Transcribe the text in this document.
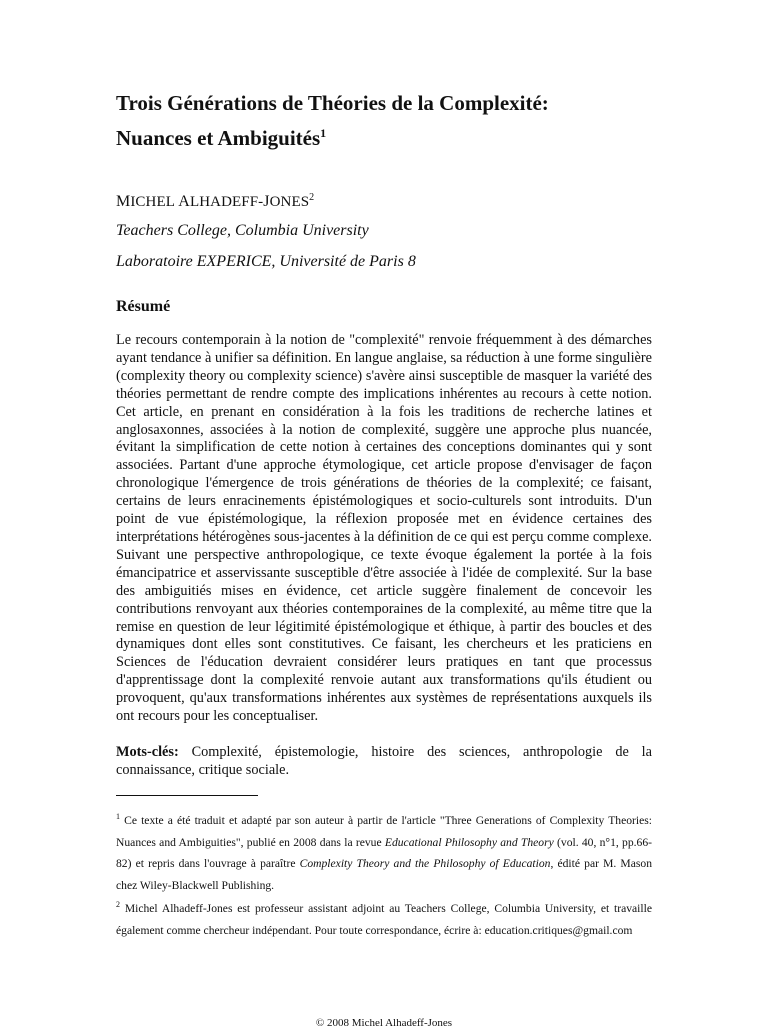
Trois Générations de Théories de la Complexité:
Nuances et Ambiguités$^1$
MICHEL ALHADEFF-JONES$^2$
Teachers College, Columbia University
Laboratoire EXPERICE, Université de Paris 8
Résumé
Le recours contemporain à la notion de "complexité" renvoie fréquemment à des démarches ayant tendance à unifier sa définition. En langue anglaise, sa réduction à une forme singulière (complexity theory ou complexity science) s'avère ainsi susceptible de masquer la variété des théories permettant de rendre compte des implications inhérentes au recours à cette notion. Cet article, en prenant en considération à la fois les traditions de recherche latines et anglosaxonnes, associées à la notion de complexité, suggère une approche plus nuancée, évitant la simplification de cette notion à certaines des conceptions dominantes qui y sont associées. Partant d'une approche étymologique, cet article propose d'envisager de façon chronologique l'émergence de trois générations de théories de la complexité; ce faisant, certains de leurs enracinements épistémologiques et socio-culturels sont introduits. D'un point de vue épistémologique, la réflexion proposée met en évidence certaines des interprétations hétérogènes sous-jacentes à la définition de ce qui est perçu comme complexe. Suivant une perspective anthropologique, ce texte évoque également la portée à la fois émancipatrice et asservissante susceptible d'être associée à l'idée de complexité. Sur la base des ambiguitiés mises en évidence, cet article suggère finalement de concevoir les contributions renvoyant aux théories contemporaines de la complexité, au même titre que la remise en question de leur légitimité épistémologique et éthique, à partir des boucles et des dynamiques dont elles sont constitutives. Ce faisant, les chercheurs et les praticiens en Sciences de l'éducation devraient considérer leurs pratiques en tant que processus d'apprentissage dont la complexité renvoie autant aux transformations qu'ils étudient ou provoquent, qu'aux transformations inhérentes aux systèmes de représentations auxquels ils ont recours pour les conceptualiser.
Mots-clés: Complexité, épistemologie, histoire des sciences, anthropologie de la connaissance, critique sociale.
$^1$ Ce texte a été traduit et adapté par son auteur à partir de l'article "Three Generations of Complexity Theories: Nuances and Ambiguities", publié en 2008 dans la revue Educational Philosophy and Theory (vol. 40, n°1, pp.66-82) et repris dans l'ouvrage à paraître Complexity Theory and the Philosophy of Education, édité par M. Mason chez Wiley-Blackwell Publishing.
$^2$ Michel Alhadeff-Jones est professeur assistant adjoint au Teachers College, Columbia University, et travaille également comme chercheur indépendant. Pour toute correspondance, écrire à: education.critiques@gmail.com
© 2008 Michel Alhadeff-Jones
